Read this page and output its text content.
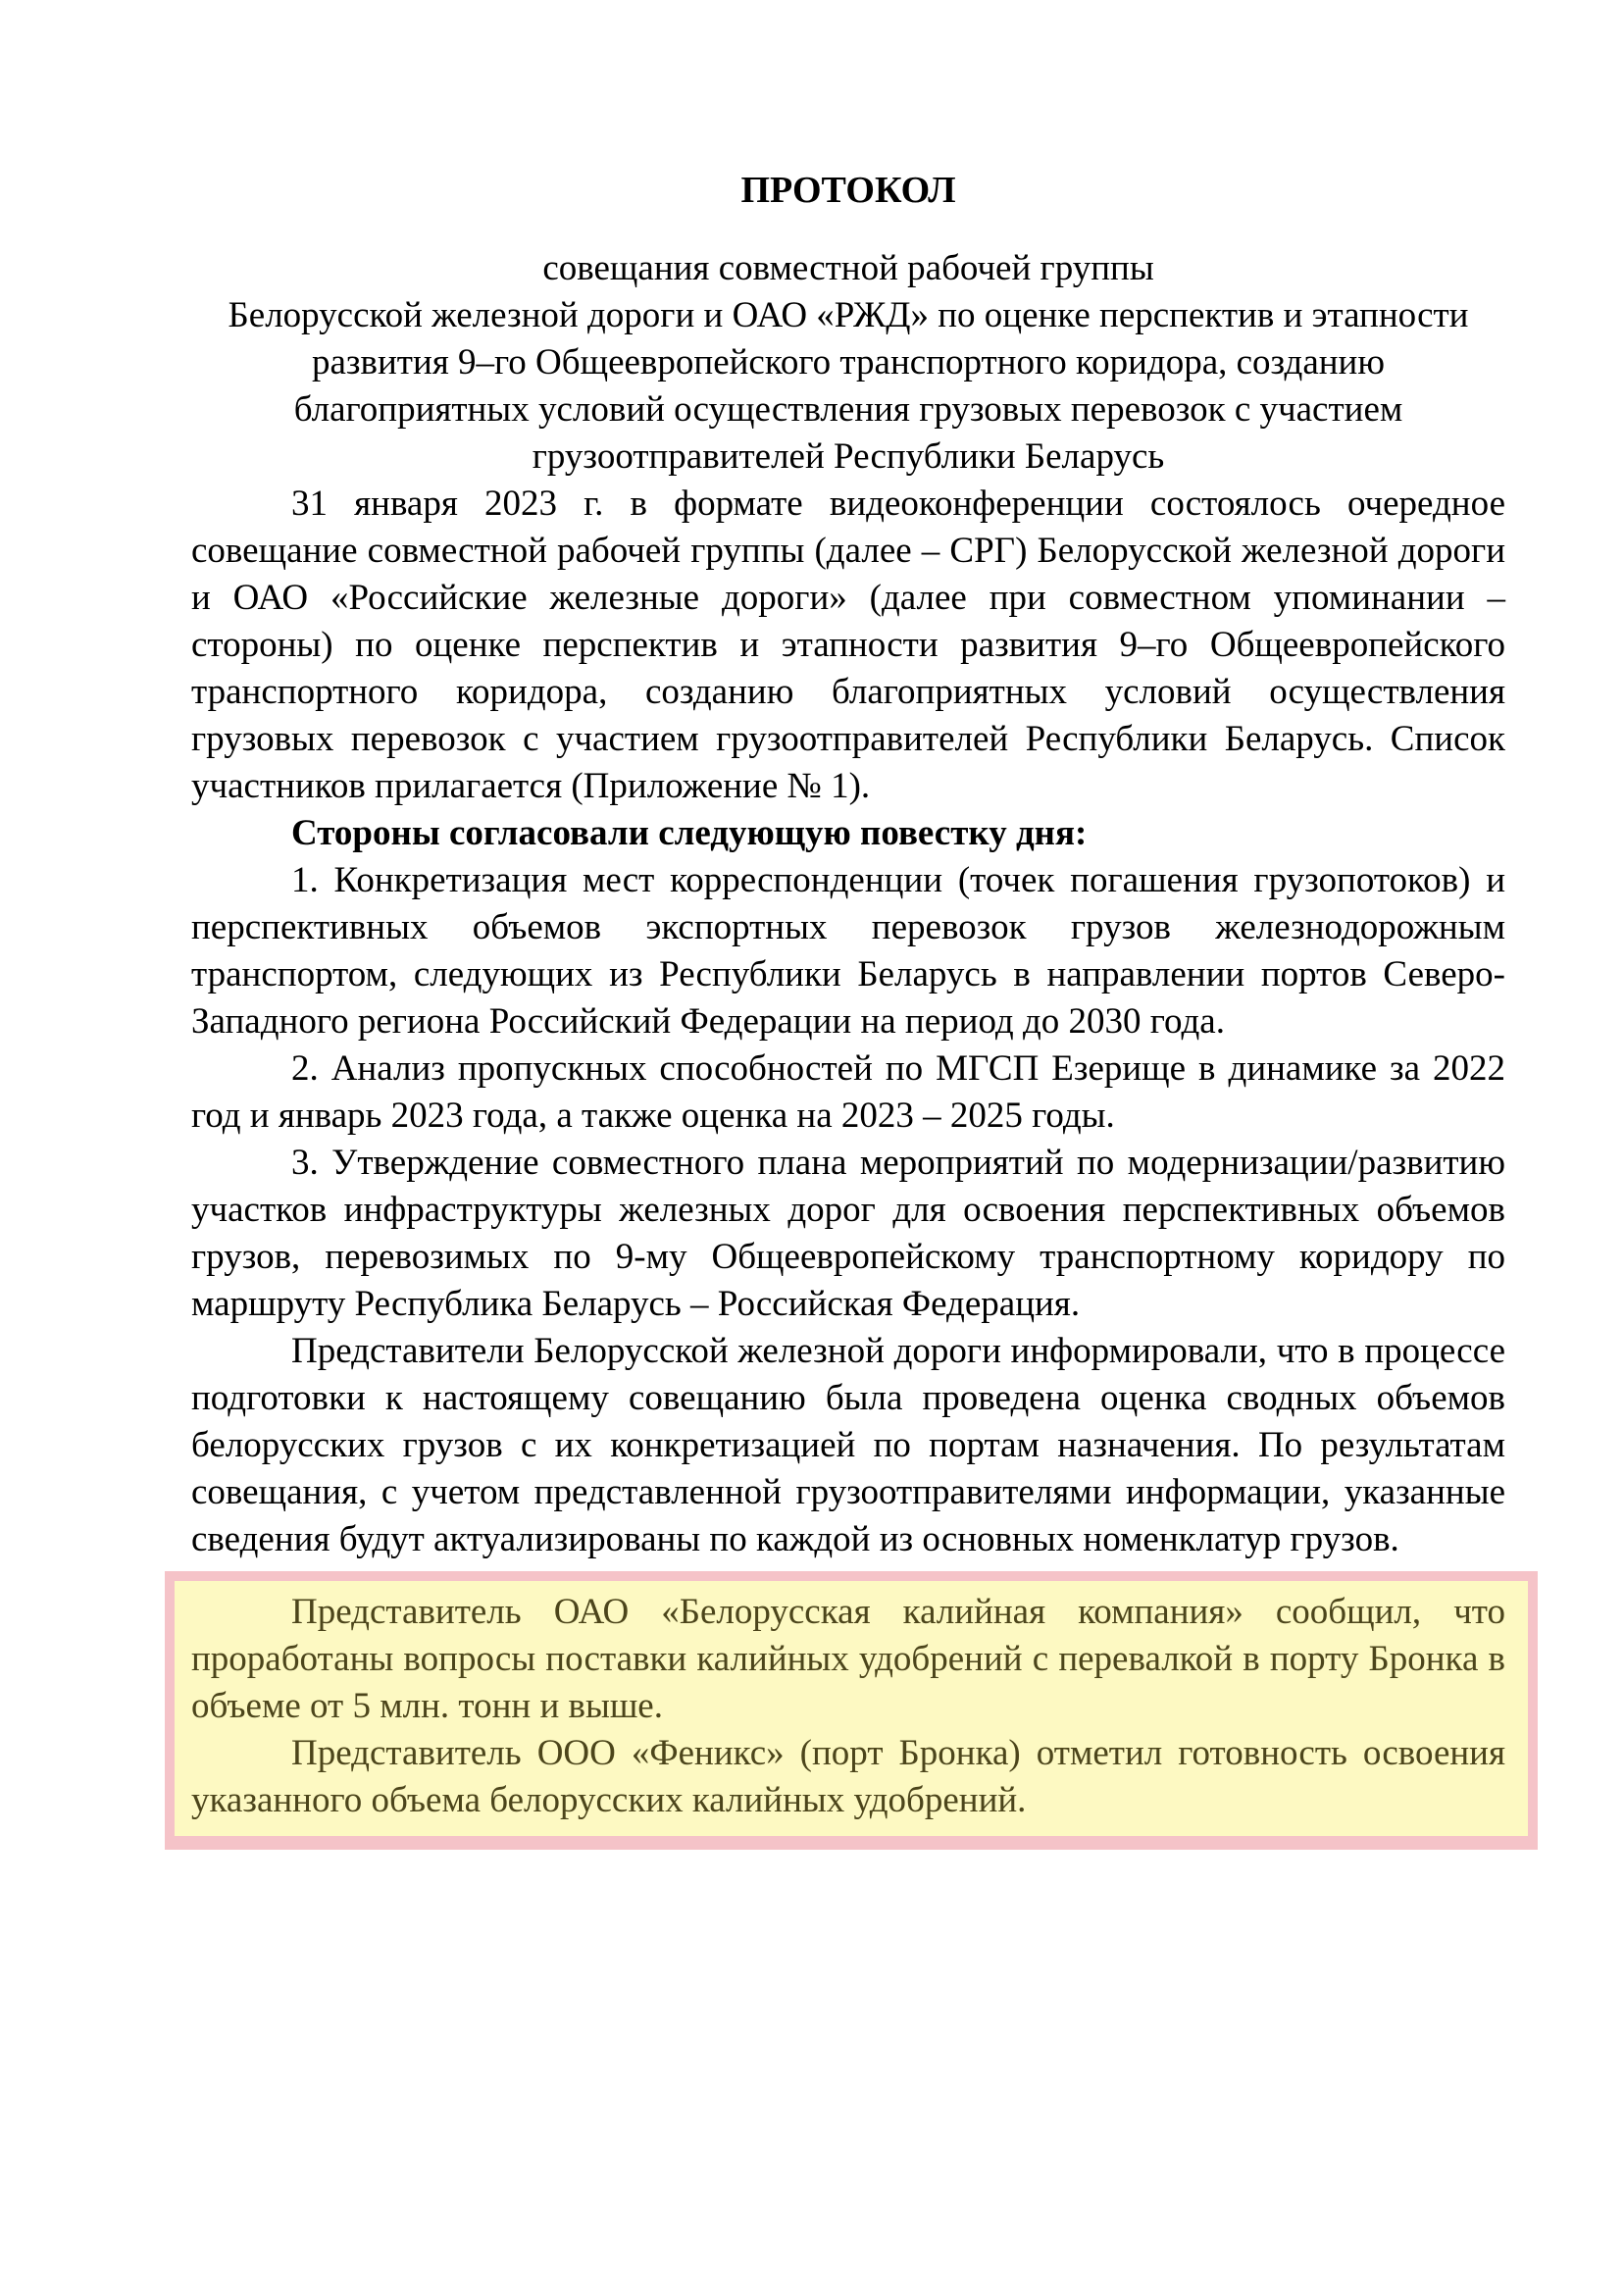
ПРОТОКОЛ
совещания совместной рабочей группы
Белорусской железной дороги и ОАО «РЖД» по оценке перспектив и этапности
развития 9–го Общеевропейского транспортного коридора, созданию
благоприятных условий осуществления грузовых перевозок с участием
грузоотправителей Республики Беларусь

31 января 2023 г. в формате видеоконференции состоялось очередное совещание совместной рабочей группы (далее – СРГ) Белорусской железной дороги и ОАО «Российские железные дороги» (далее при совместном упоминании – стороны) по оценке перспектив и этапности развития 9–го Общеевропейского транспортного коридора, созданию благоприятных условий осуществления грузовых перевозок с участием грузоотправителей Республики Беларусь. Список участников прилагается (Приложение № 1).

Стороны согласовали следующую повестку дня:

1. Конкретизация мест корреспонденции (точек погашения грузопотоков) и перспективных объемов экспортных перевозок грузов железнодорожным транспортом, следующих из Республики Беларусь в направлении портов Северо-Западного региона Российский Федерации на период до 2030 года.

2. Анализ пропускных способностей по МГСП Езерище в динамике за 2022 год и январь 2023 года, а также оценка на 2023 – 2025 годы.

3. Утверждение совместного плана мероприятий по модернизации/развитию участков инфраструктуры железных дорог для освоения перспективных объемов грузов, перевозимых по 9-му Общеевропейскому транспортному коридору по маршруту Республика Беларусь – Российская Федерация.

Представители Белорусской железной дороги информировали, что в процессе подготовки к настоящему совещанию была проведена оценка сводных объемов белорусских грузов с их конкретизацией по портам назначения. По результатам совещания, с учетом представленной грузоотправителями информации, указанные сведения будут актуализированы по каждой из основных номенклатур грузов.

Представитель ОАО «Белорусская калийная компания» сообщил, что проработаны вопросы поставки калийных удобрений с перевалкой в порту Бронка в объеме от 5 млн. тонн и выше.

Представитель ООО «Феникс» (порт Бронка) отметил готовность освоения указанного объема белорусских калийных удобрений.
